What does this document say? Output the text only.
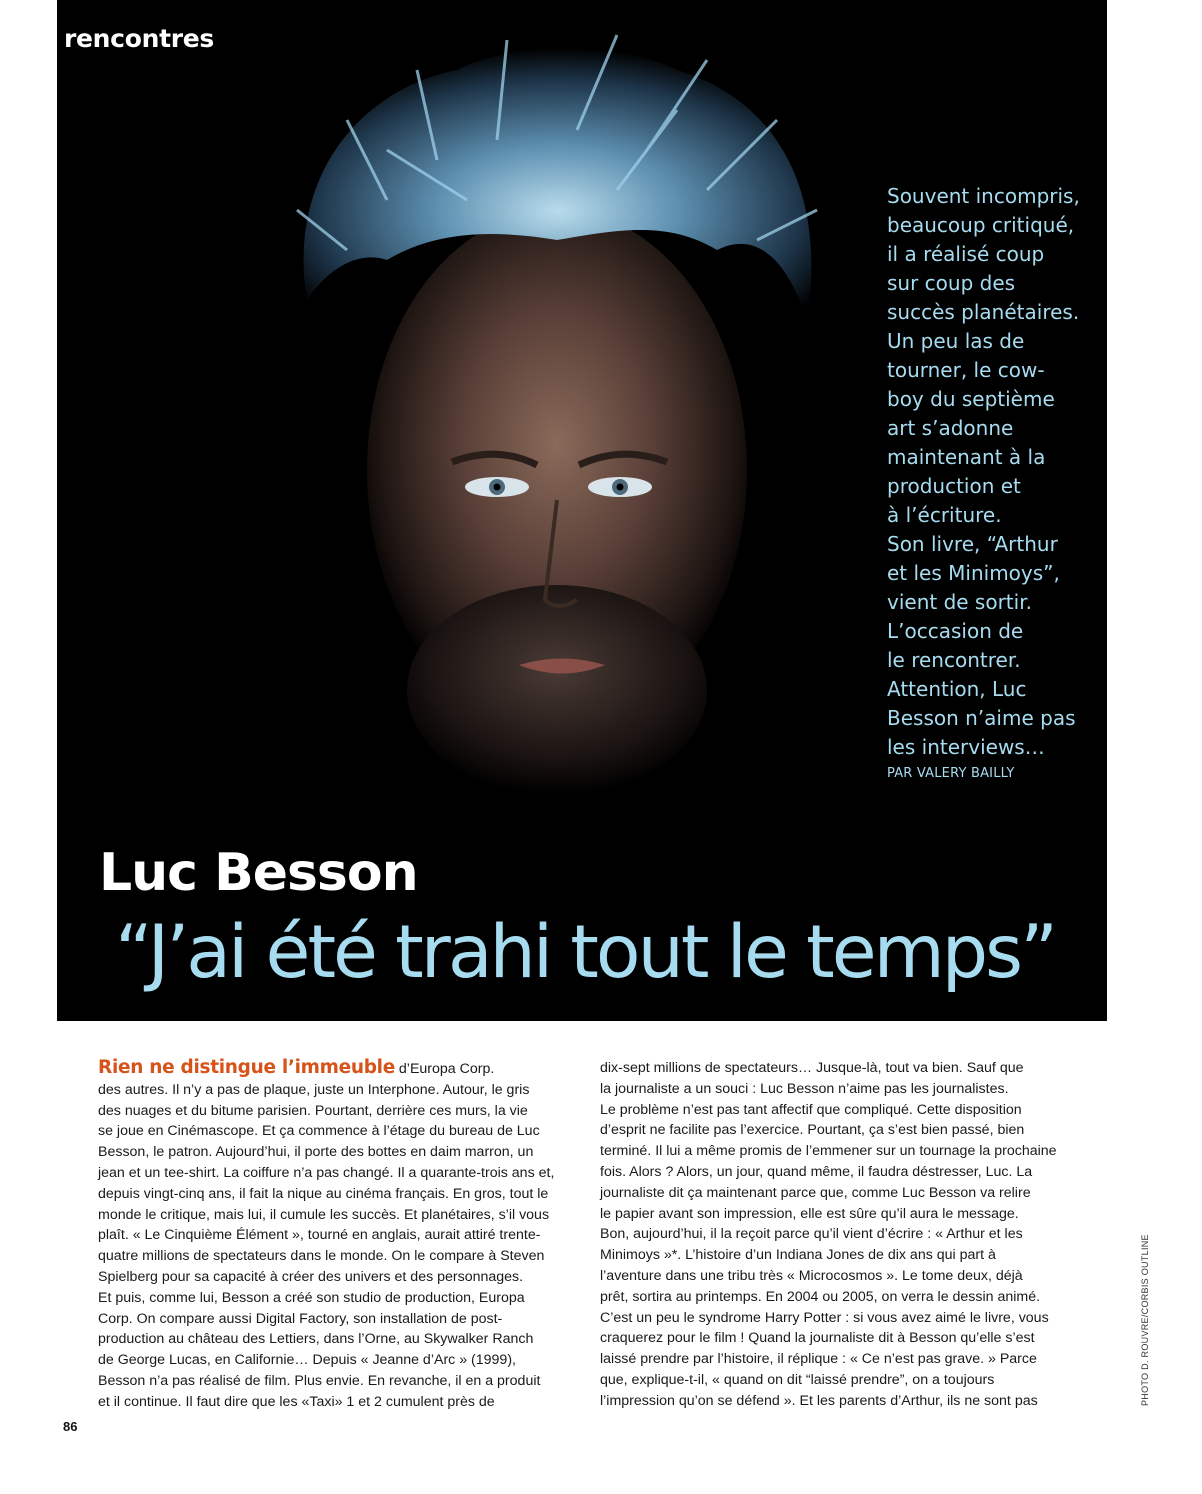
rencontres
Souvent incompris,
beaucoup critiqué,
il a réalisé coup
sur coup des
succès planétaires.
Un peu las de
tourner, le cow-
boy du septième
art s’adonne
maintenant à la
production et
à l’écriture.
Son livre, “Arthur
et les Minimoys”,
vient de sortir.
L’occasion de
le rencontrer.
Attention, Luc
Besson n’aime pas
les interviews…
PAR VALERY BAILLY
Luc Besson
“J’ai été trahi tout le temps”
Rien ne distingue l’immeuble d’Europa Corp.
des autres. Il n’y a pas de plaque, juste un Interphone. Autour, le gris
des nuages et du bitume parisien. Pourtant, derrière ces murs, la vie
se joue en Cinémascope. Et ça commence à l’étage du bureau de Luc
Besson, le patron. Aujourd’hui, il porte des bottes en daim marron, un
jean et un tee-shirt. La coiffure n’a pas changé. Il a quarante-trois ans et,
depuis vingt-cinq ans, il fait la nique au cinéma français. En gros, tout le
monde le critique, mais lui, il cumule les succès. Et planétaires, s’il vous
plaît. « Le Cinquième Élément », tourné en anglais, aurait attiré trente-
quatre millions de spectateurs dans le monde. On le compare à Steven
Spielberg pour sa capacité à créer des univers et des personnages.
Et puis, comme lui, Besson a créé son studio de production, Europa
Corp. On compare aussi Digital Factory, son installation de post-
production au château des Lettiers, dans l’Orne, au Skywalker Ranch
de George Lucas, en Californie… Depuis « Jeanne d’Arc » (1999),
Besson n’a pas réalisé de film. Plus envie. En revanche, il en a produit
et il continue. Il faut dire que les «Taxi» 1 et 2 cumulent près de
dix-sept millions de spectateurs… Jusque-là, tout va bien. Sauf que
la journaliste a un souci : Luc Besson n’aime pas les journalistes.
Le problème n’est pas tant affectif que compliqué. Cette disposition
d’esprit ne facilite pas l’exercice. Pourtant, ça s’est bien passé, bien
terminé. Il lui a même promis de l’emmener sur un tournage la prochaine
fois. Alors ? Alors, un jour, quand même, il faudra déstresser, Luc. La
journaliste dit ça maintenant parce que, comme Luc Besson va relire
le papier avant son impression, elle est sûre qu’il aura le message.
Bon, aujourd’hui, il la reçoit parce qu’il vient d’écrire : « Arthur et les
Minimoys »*. L’histoire d’un Indiana Jones de dix ans qui part à
l’aventure dans une tribu très « Microcosmos ». Le tome deux, déjà
prêt, sortira au printemps. En 2004 ou 2005, on verra le dessin animé.
C’est un peu le syndrome Harry Potter : si vous avez aimé le livre, vous
craquerez pour le film ! Quand la journaliste dit à Besson qu’elle s’est
laissé prendre par l’histoire, il réplique : « Ce n’est pas grave. » Parce
que, explique-t-il, « quand on dit “laissé prendre”, on a toujours
l’impression qu’on se défend ». Et les parents d’Arthur, ils ne sont pas	PHOTO D. ROUVRE/CORBIS OUTLINE
86
